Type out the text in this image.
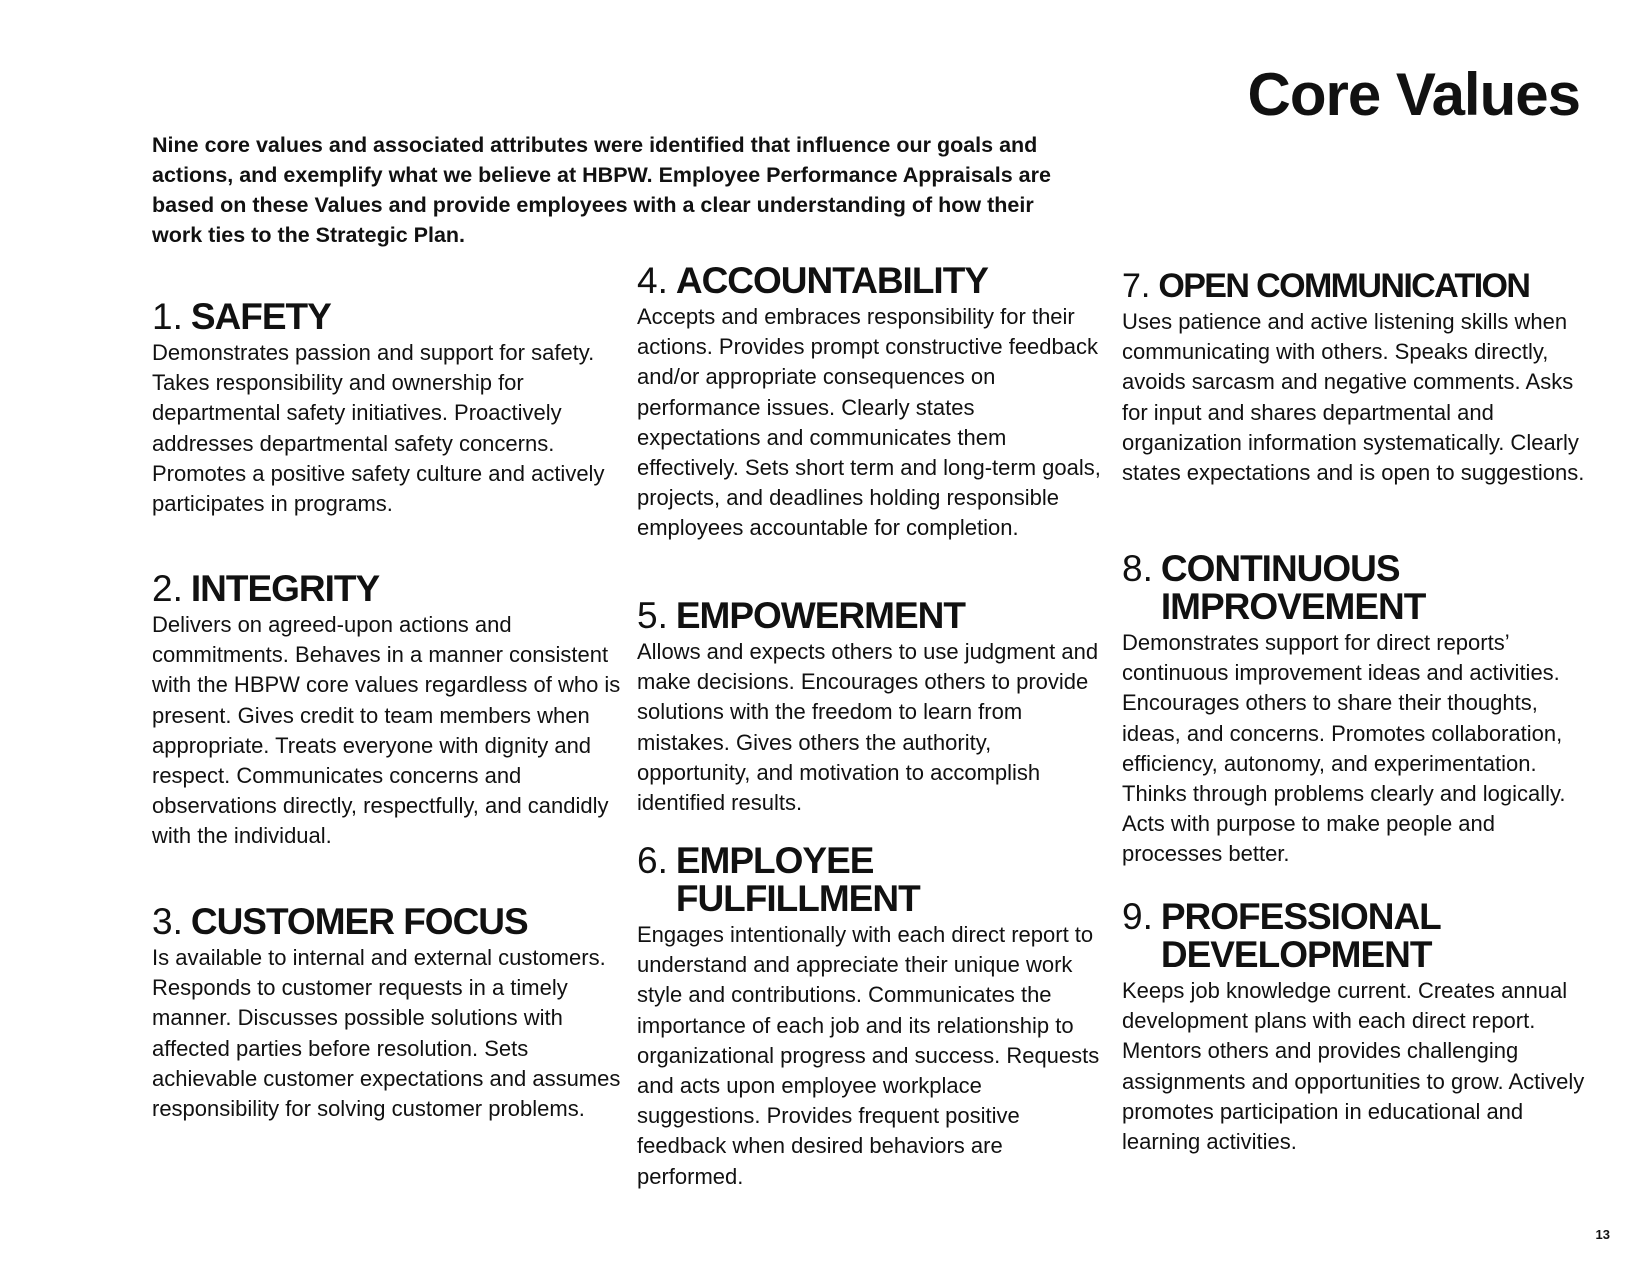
Core Values

Nine core values and associated attributes were identified that influence our goals and actions, and exemplify what we believe at HBPW. Employee Performance Appraisals are based on these Values and provide employees with a clear understanding of how their work ties to the Strategic Plan.

1. SAFETY

Demonstrates passion and support for safety. Takes responsibility and ownership for departmental safety initiatives. Proactively addresses departmental safety concerns. Promotes a positive safety culture and actively participates in programs.

2. INTEGRITY

Delivers on agreed-upon actions and commitments. Behaves in a manner consistent with the HBPW core values regardless of who is present. Gives credit to team members when appropriate. Treats everyone with dignity and respect. Communicates concerns and observations directly, respectfully, and candidly with the individual.

3. CUSTOMER FOCUS

Is available to internal and external customers. Responds to customer requests in a timely manner. Discusses possible solutions with affected parties before resolution. Sets achievable customer expectations and assumes responsibility for solving customer problems.

4. ACCOUNTABILITY

Accepts and embraces responsibility for their actions. Provides prompt constructive feedback and/or appropriate consequences on performance issues. Clearly states expectations and communicates them effectively. Sets short term and long-term goals, projects, and deadlines holding responsible employees accountable for completion.

5. EMPOWERMENT

Allows and expects others to use judgment and make decisions. Encourages others to provide solutions with the freedom to learn from mistakes. Gives others the authority, opportunity, and motivation to accomplish identified results.

6. EMPLOYEE
FULFILLMENT

Engages intentionally with each direct report to understand and appreciate their unique work style and contributions. Communicates the importance of each job and its relationship to organizational progress and success. Requests and acts upon employee workplace suggestions. Provides frequent positive feedback when desired behaviors are performed.

7. OPEN COMMUNICATION

Uses patience and active listening skills when communicating with others. Speaks directly, avoids sarcasm and negative comments. Asks for input and shares departmental and organization information systematically. Clearly states expectations and is open to suggestions.

8. CONTINUOUS
IMPROVEMENT

Demonstrates support for direct reports’ continuous improvement ideas and activities. Encourages others to share their thoughts, ideas, and concerns. Promotes collaboration, efficiency, autonomy, and experimentation. Thinks through problems clearly and logically. Acts with purpose to make people and processes better.

9. PROFESSIONAL
DEVELOPMENT

Keeps job knowledge current. Creates annual development plans with each direct report. Mentors others and provides challenging assignments and opportunities to grow. Actively promotes participation in educational and learning activities.

13
